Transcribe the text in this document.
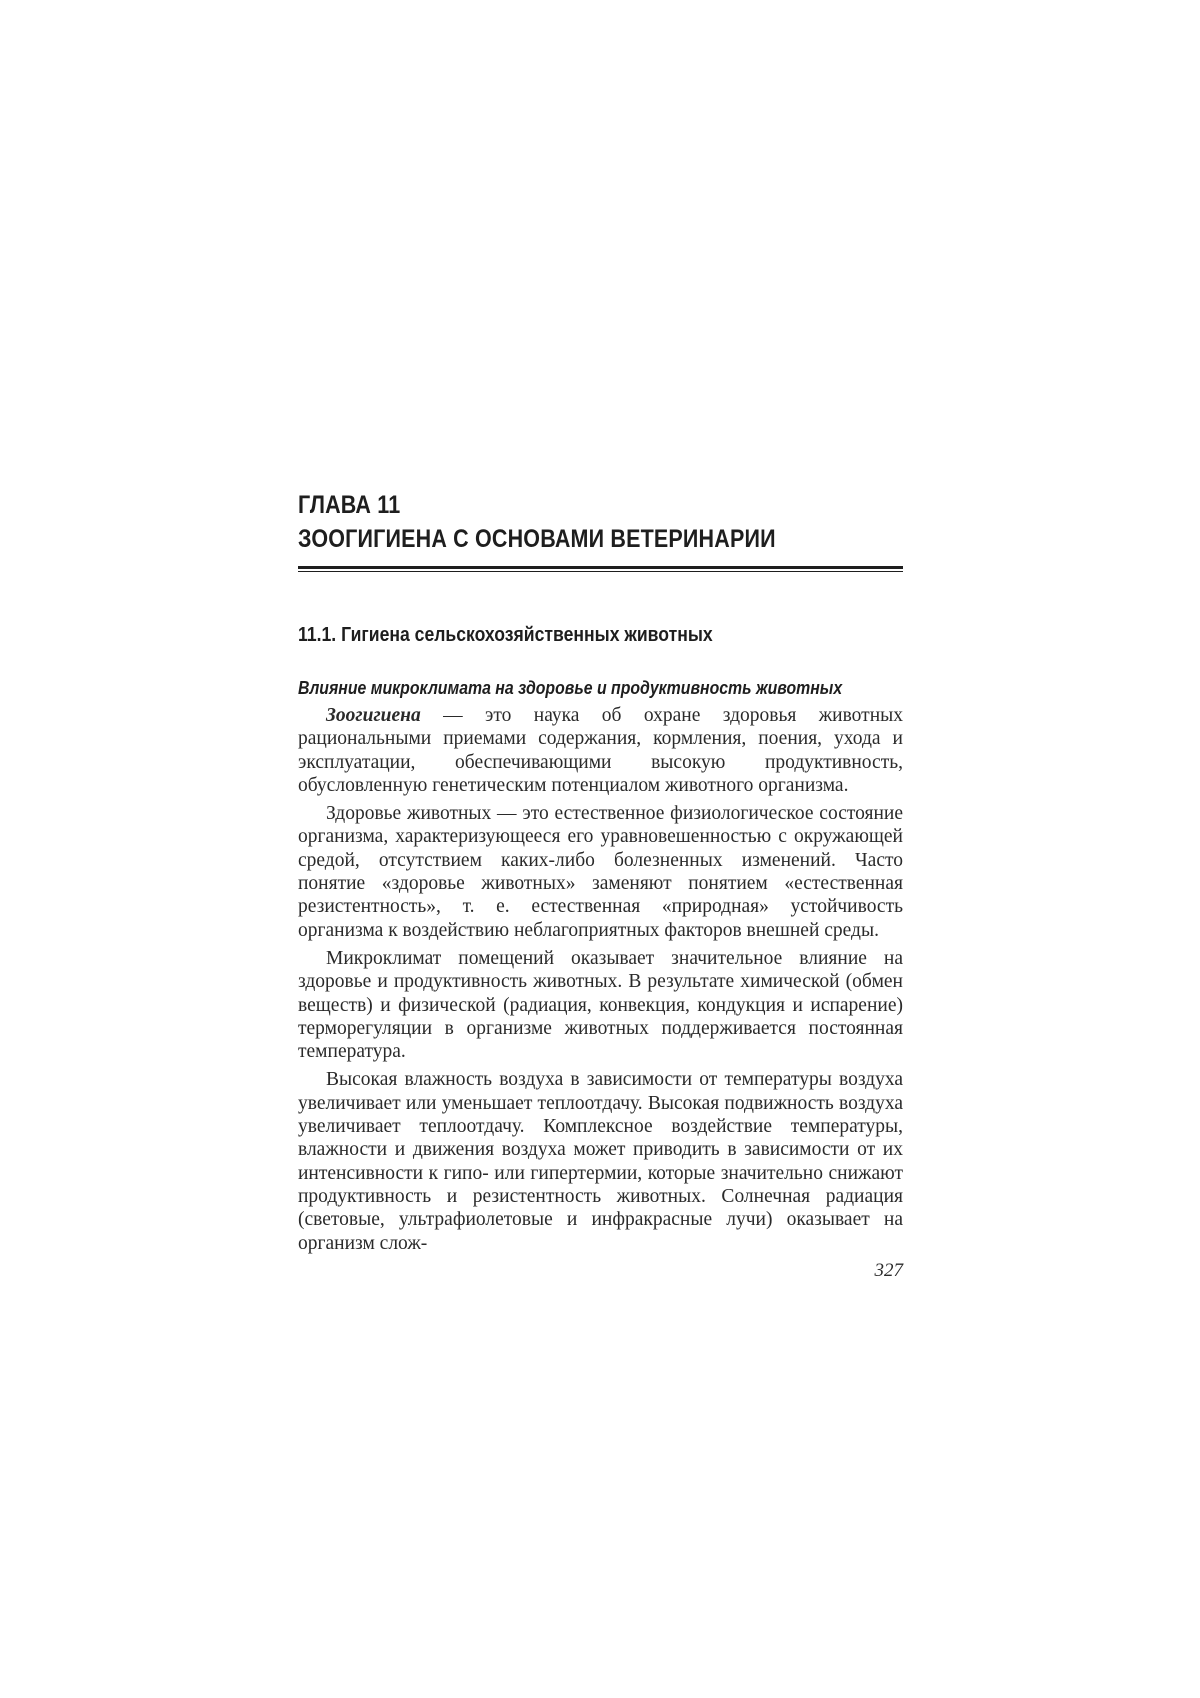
ГЛАВА 11
ЗООГИГИЕНА С ОСНОВАМИ ВЕТЕРИНАРИИ
11.1. Гигиена сельскохозяйственных животных
Влияние микроклимата на здоровье и продуктивность животных

Зоогигиена — это наука об охране здоровья животных рациональными приемами содержания, кормления, поения, ухода и эксплуатации, обеспечивающими высокую продуктивность, обусловленную генетическим потенциалом животного организма.

Здоровье животных — это естественное физиологическое состояние организма, характеризующееся его уравновешенностью с окружающей средой, отсутствием каких-либо болезненных изменений. Часто понятие «здоровье животных» заменяют понятием «естественная резистентность», т. е. естественная «природная» устойчивость организма к воздействию неблагоприятных факторов внешней среды.

Микроклимат помещений оказывает значительное влияние на здоровье и продуктивность животных. В результате химической (обмен веществ) и физической (радиация, конвекция, кондукция и испарение) терморегуляции в организме животных поддерживается постоянная температура.

Высокая влажность воздуха в зависимости от температуры воздуха увеличивает или уменьшает теплоотдачу. Высокая подвижность воздуха увеличивает теплоотдачу. Комплексное воздействие температуры, влажности и движения воздуха может приводить в зависимости от их интенсивности к гипо- или гипертермии, которые значительно снижают продуктивность и резистентность животных. Солнечная радиация (световые, ультрафиолетовые и инфракрасные лучи) оказывает на организм слож-

327
